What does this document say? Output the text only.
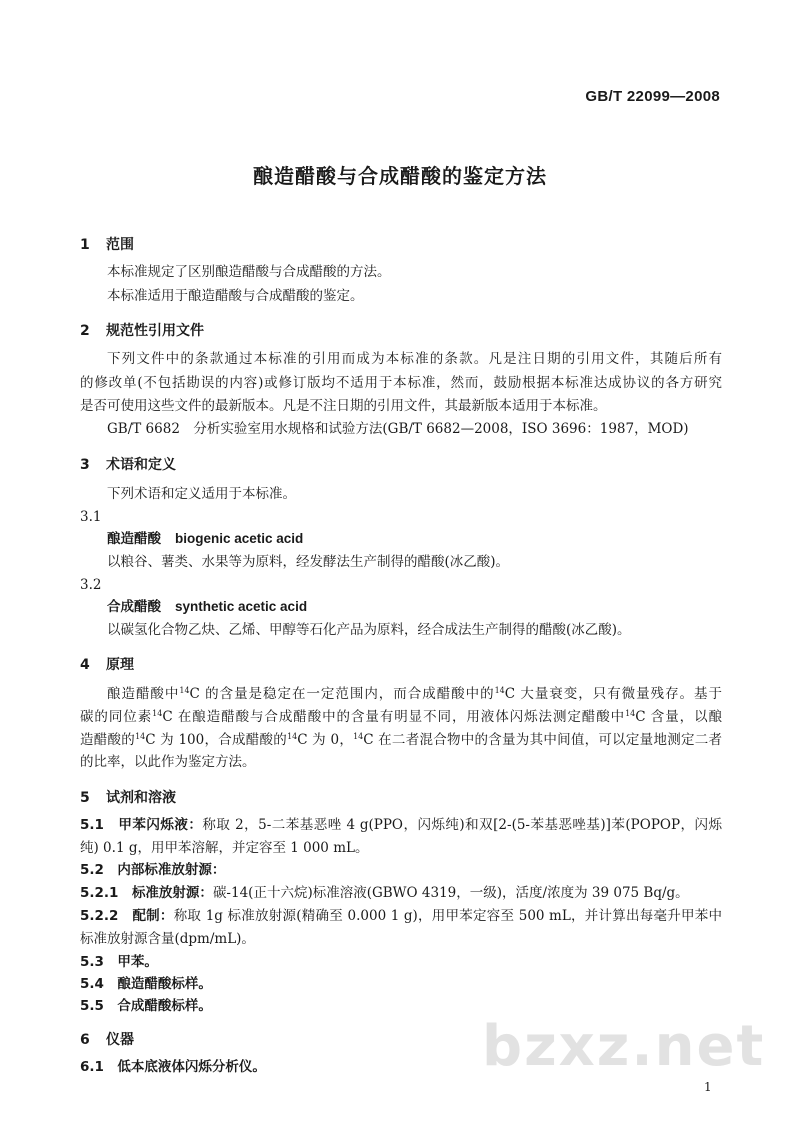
GB/T 22099—2008
酿造醋酸与合成醋酸的鉴定方法
1 范围
本标准规定了区别酿造醋酸与合成醋酸的方法。
本标准适用于酿造醋酸与合成醋酸的鉴定。
2 规范性引用文件
下列文件中的条款通过本标准的引用而成为本标准的条款。凡是注日期的引用文件，其随后所有
的修改单(不包括勘误的内容)或修订版均不适用于本标准，然而，鼓励根据本标准达成协议的各方研究
是否可使用这些文件的最新版本。凡是不注日期的引用文件，其最新版本适用于本标准。
GB/T 6682　分析实验室用水规格和试验方法(GB/T 6682—2008，ISO 3696：1987，MOD)
3 术语和定义
下列术语和定义适用于本标准。
3.1
酿造醋酸 biogenic acetic acid
以粮谷、薯类、水果等为原料，经发酵法生产制得的醋酸(冰乙酸)。
3.2
合成醋酸 synthetic acetic acid
以碳氢化合物乙炔、乙烯、甲醇等石化产品为原料，经合成法生产制得的醋酸(冰乙酸)。
4 原理
酿造醋酸中$^{14}$C 的含量是稳定在一定范围内，而合成醋酸中的$^{14}$C 大量衰变，只有微量残存。基于
碳的同位素$^{14}$C 在酿造醋酸与合成醋酸中的含量有明显不同，用液体闪烁法测定醋酸中$^{14}$C 含量，以酿
造醋酸的$^{14}$C 为 100，合成醋酸的$^{14}$C 为 0，$^{14}$C 在二者混合物中的含量为其中间值，可以定量地测定二者
的比率，以此作为鉴定方法。
5 试剂和溶液
5.1　 甲苯闪烁液：称取 2，5-二苯基恶唑 4 g(PPO，闪烁纯)和双[2-(5-苯基恶唑基)]苯(POPOP，闪烁
纯) 0.1 g，用甲苯溶解，并定容至 1 000 mL。
5.2　 内部标准放射源：
5.2.1　 标准放射源：碳-14(正十六烷)标准溶液(GBWO 4319，一级)，活度/浓度为 39 075 Bq/g。
5.2.2　 配制：称取 1g 标准放射源(精确至 0.000 1 g)，用甲苯定容至 500 mL，并计算出每毫升甲苯中
标准放射源含量(dpm/mL)。
5.3　 甲苯。
5.4　 酿造醋酸标样。
5.5　 合成醋酸标样。
bzxz.net
6 仪器
6.1　 低本底液体闪烁分析仪。
1
